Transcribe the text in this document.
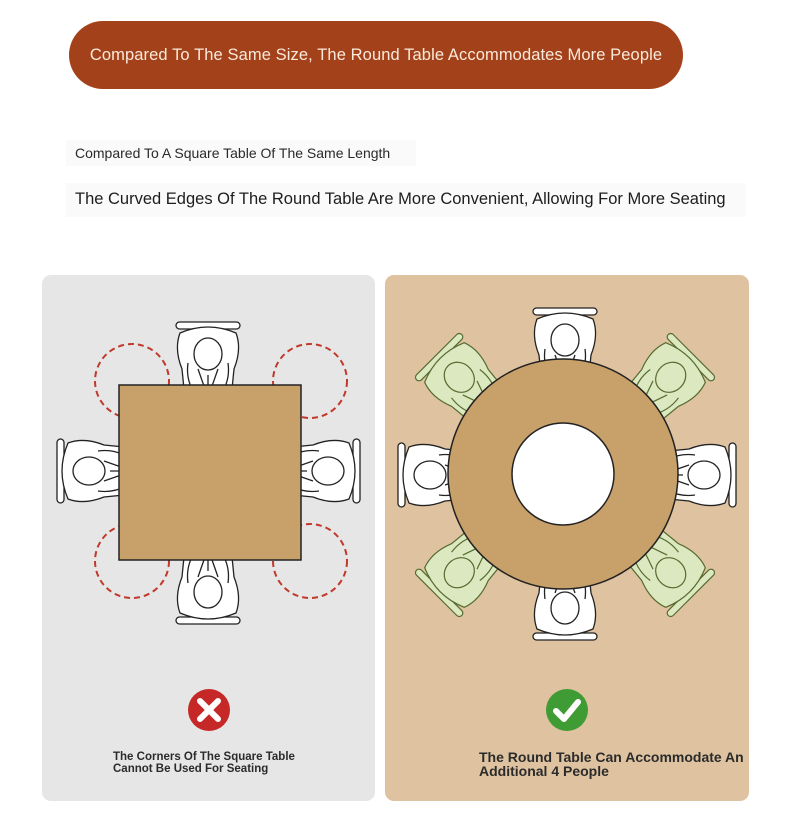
Compared To The Same Size, The Round Table Accommodates More People
Compared To A Square Table Of The Same Length
The Curved Edges Of The Round Table Are More Convenient, Allowing For More Seating
The Corners Of The Square Table
Cannot Be Used For Seating
The Round Table Can Accommodate An
Additional 4 People
